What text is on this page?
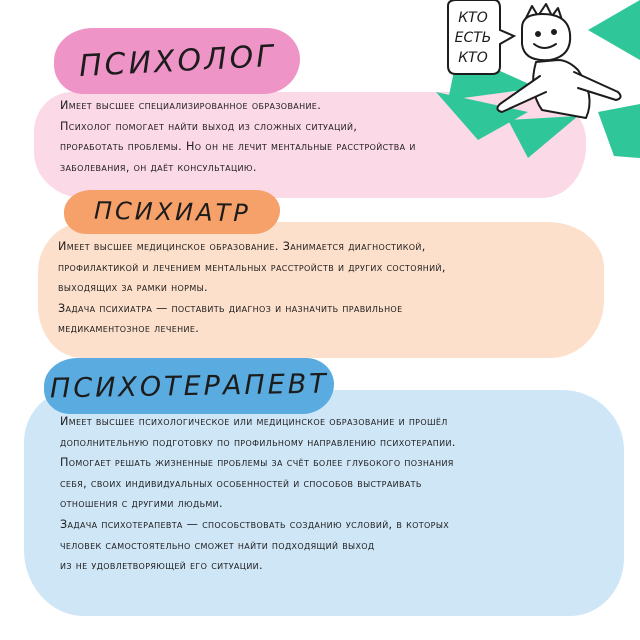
ПСИХОЛОГ

Имеет высшее специализированное образование.

Психолог помогает найти выход из сложных ситуаций,

проработать проблемы. Но он не лечит ментальные расстройства и

заболевания, он даёт консультацию.

ПСИХИАТР

Имеет высшее медицинское образование. Занимается диагностикой,

профилактикой и лечением ментальных расстройств и других состояний,

выходящих за рамки нормы.

Задача психиатра — поставить диагноз и назначить правильное

медикаментозное лечение.

ПСИХОТЕРАПЕВТ

Имеет высшее психологическое или медицинское образование и прошёл

дополнительную подготовку по профильному направлению психотерапии.

Помогает решать жизненные проблемы за счёт более глубокого познания

себя, своих индивидуальных особенностей и способов выстраивать

отношения с другими людьми.

Задача психотерапевта — способствовать созданию условий, в которых

человек самостоятельно сможет найти подходящий выход

из не удовлетворяющей его ситуации.

КТО
ЕСТЬ
КТО
